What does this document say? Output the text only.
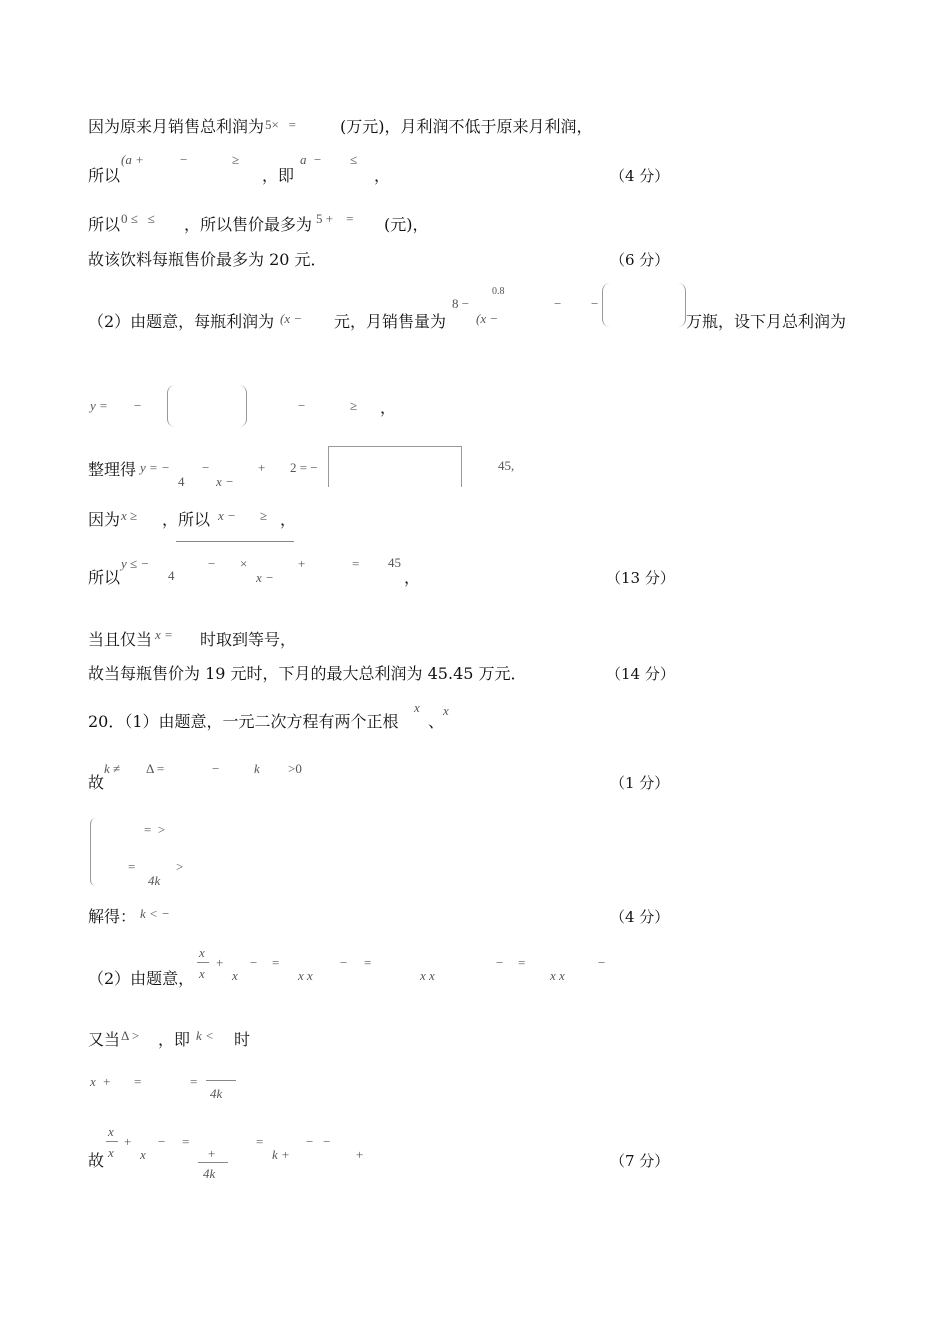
因为原来月销售总利润为 5×   =	(万元)，月利润不低于原来月利润，
所以
(a +	−	≥
，即
a  − ≤
，	（4 分）
所以 0 ≤   ≤ ，所以售价最多为 5 +    = (元)，
故该饮料每瓶售价最多为 20 元．	（6 分）
（2）由题意，每瓶利润为 (x − 元，月销售量为
8 −
0.8
(x −
− −
万瓶，设下月总利润为
y = −	−	≥ ，
整理得 y = −
4
−
x −
+ 2 = −	45,
因为 x ≥ ，所以 x − ≥ ，
所以
y ≤ −
4
− ×
x −
+	= 45
，	（13 分）
当且仅当 x = 时取到等号，
故当每瓶售价为 19 元时，下月的最大总利润为 45.45 万元．	（14 分）
20．（1）由题意，一元二次方程有两个正根
x
、
x
故
k ≠ Δ =	−	k >0
（1 分）
=  >
=
4k
>
解得： k < −	（4 分）
（2）由题意，
x
x
+
x
− =
x x
− =
x x
− =
x x
−
又当 Δ > ，即 k < 时
x  + =	=
4k
故
x
x
+
x
− =
+
4k
=
k +
−   −
+	（7 分）
